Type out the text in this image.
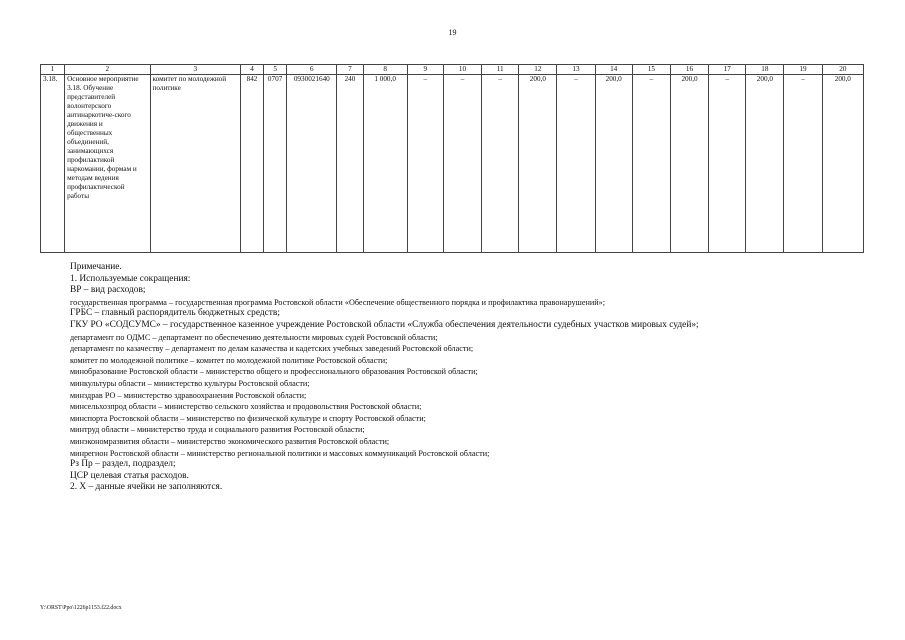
19
1	2	3	4	5	6	7	8	9	10	11	12	13	14	15	16	17	18	19	20
3.18.	Основное мероприятие 3.18. Обучение представителей волонтерского антинаркотиче-ского движения и общественных объединений, занимающихся профилактикой наркомании, формам и методам ведения профилактической работы	комитет по молодежной политике	842	0707	0930021640	240	1 000,0	–	–	–	200,0	–	200,0	–	200,0	–	200,0	–	200,0
Примечание.
1. Используемые сокращения:
ВР – вид расходов;
государственная программа – государственная программа Ростовской области «Обеспечение общественного порядка и профилактика правонарушений»;
ГРБС – главный распорядитель бюджетных средств;
ГКУ РО «СОДСУМС» – государственное казенное учреждение Ростовской области «Служба обеспечения деятельности судебных участков мировых судей»;
департамент по ОДМС – департамент по обеспечению деятельности мировых судей Ростовской области;
департамент по казачеству – департамент по делам казачества и кадетских учебных заведений Ростовской области;
комитет по молодежной политике – комитет по молодежной политике Ростовской области;
минобразование Ростовской области – министерство общего и профессионального образования Ростовской области;
минкультуры области – министерство культуры Ростовской области;
минздрав РО – министерство здравоохранения Ростовской области;
минсельхозпрод области – министерство сельского хозяйства и продовольствия Ростовской области;
минспорта Ростовской области – министерство по физической культуре и спорту Ростовской области;
минтруд области – министерство труда и социального развития Ростовской области;
минэкономразвития области – министерство экономического развития Ростовской области;
минрегион Ростовской области – министерство региональной политики и массовых коммуникаций Ростовской области;
Рз Пр – раздел, подраздел;
ЦСР целевая статья расходов.
2. Х – данные ячейки не заполняются.
Y:\ORST\Ppo\1226p1153.f22.docx
